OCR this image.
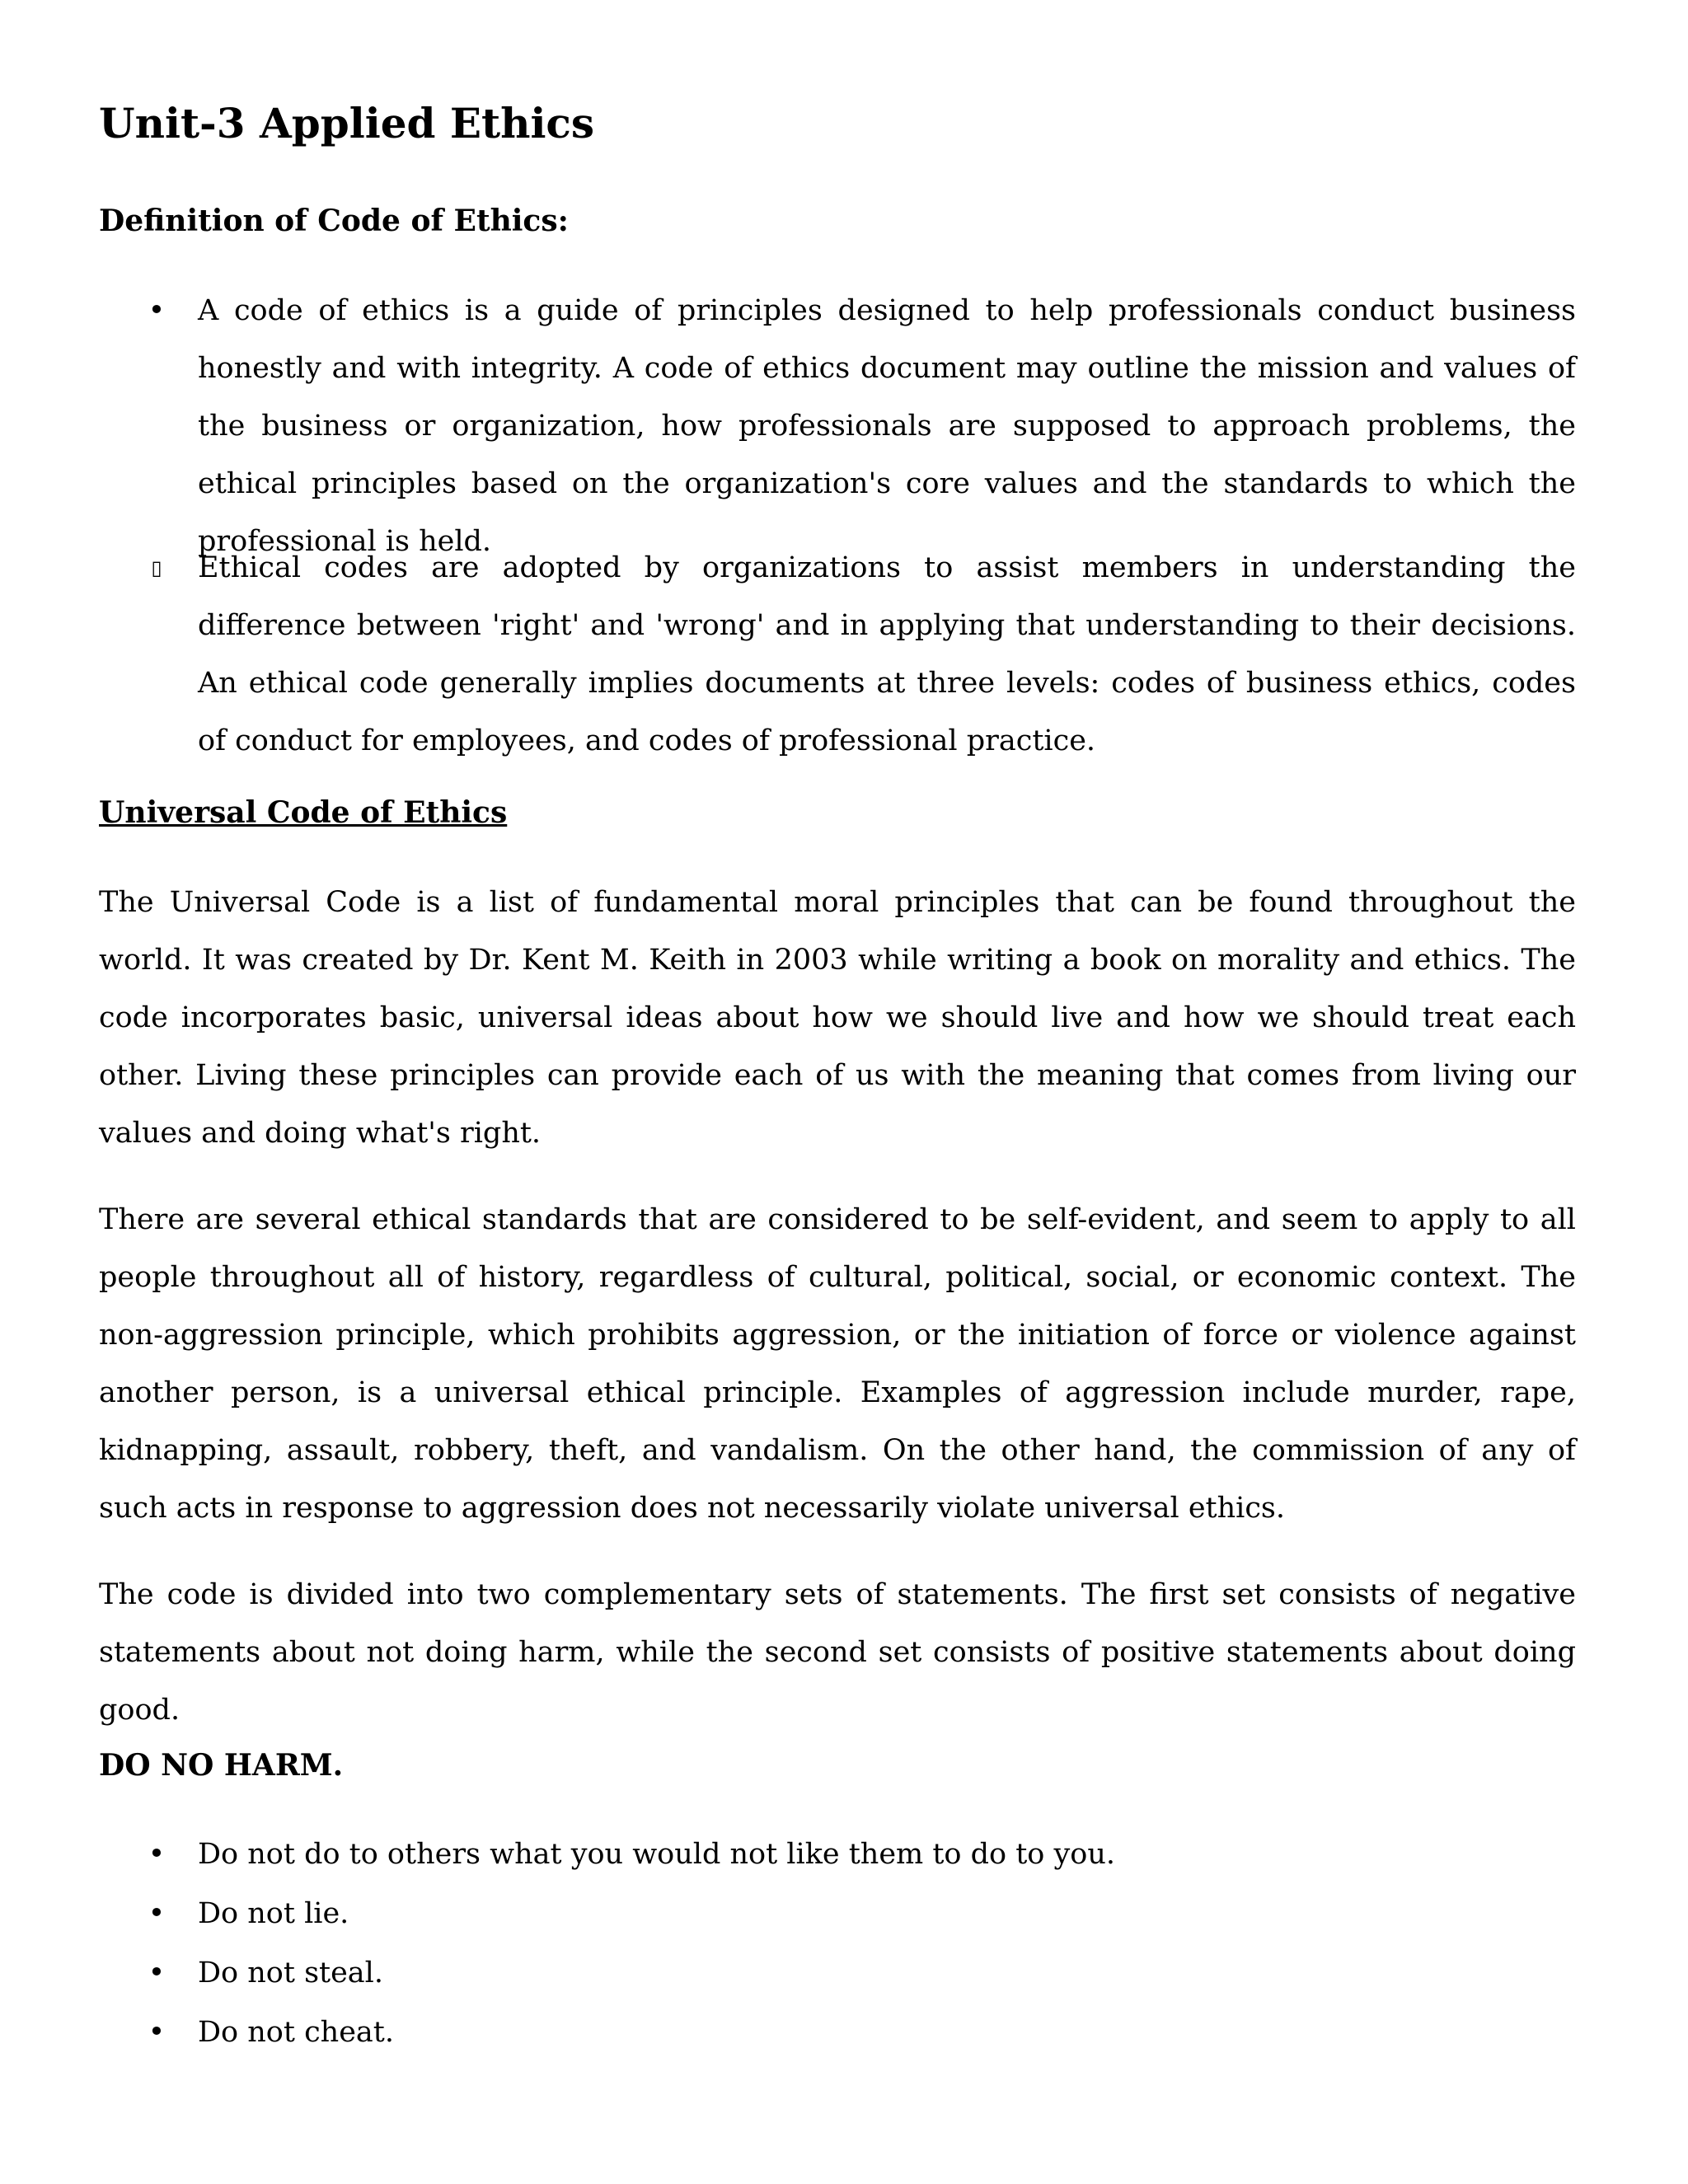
Unit-3 Applied Ethics
Definition of Code of Ethics:
• A code of ethics is a guide of principles designed to help professionals conduct business honestly and with integrity. A code of ethics document may outline the mission and values of the business or organization, how professionals are supposed to approach problems, the ethical principles based on the organization's core values and the standards to which the professional is held.

▯ Ethical codes are adopted by organizations to assist members in understanding the difference between 'right' and 'wrong' and in applying that understanding to their decisions. An ethical code generally implies documents at three levels: codes of business ethics, codes of conduct for employees, and codes of professional practice.

Universal Code of Ethics

The Universal Code is a list of fundamental moral principles that can be found throughout the world. It was created by Dr. Kent M. Keith in 2003 while writing a book on morality and ethics. The code incorporates basic, universal ideas about how we should live and how we should treat each other. Living these principles can provide each of us with the meaning that comes from living our values and doing what's right.

There are several ethical standards that are considered to be self-evident, and seem to apply to all people throughout all of history, regardless of cultural, political, social, or economic context. The non-aggression principle, which prohibits aggression, or the initiation of force or violence against another person, is a universal ethical principle. Examples of aggression include murder, rape, kidnapping, assault, robbery, theft, and vandalism. On the other hand, the commission of any of such acts in response to aggression does not necessarily violate universal ethics.

The code is divided into two complementary sets of statements. The first set consists of negative statements about not doing harm, while the second set consists of positive statements about doing good.

DO NO HARM.
• Do not do to others what you would not like them to do to you.
• Do not lie.
• Do not steal.
• Do not cheat.
